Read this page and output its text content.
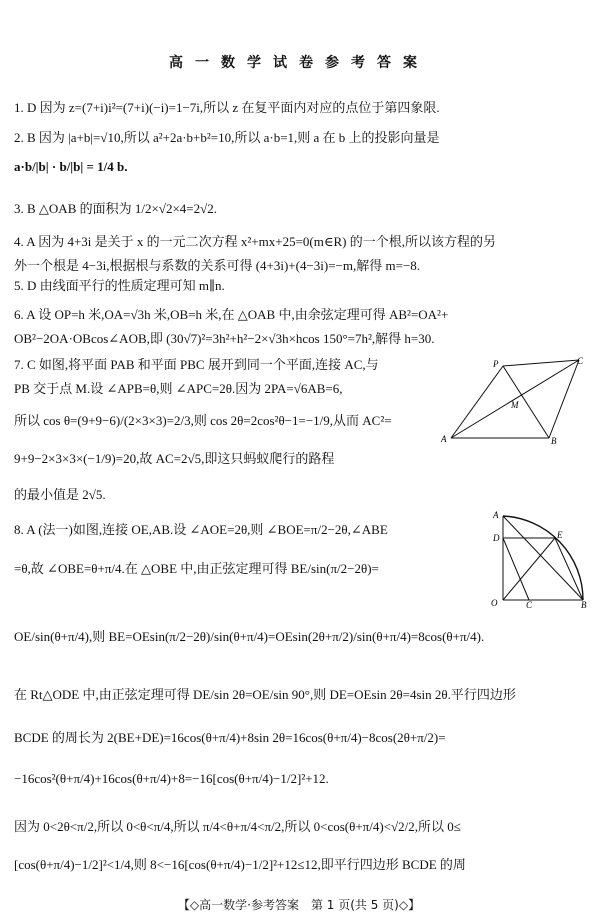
高一数学试卷参考答案
1. D 因为 z=(7+i)i²=(7+i)(−i)=1−7i,所以 z 在复平面内对应的点位于第四象限.
2. B 因为 |a+b|=√10,所以 a²+2a·b+b²=10,所以 a·b=1,则 a 在 b 上的投影向量是
a·b/|b| · b/|b| = 1/4 b.
3. B △OAB 的面积为 1/2×√2×4=2√2.
4. A 因为 4+3i 是关于 x 的一元二次方程 x²+mx+25=0(m∈R) 的一个根,所以该方程的另
外一个根是 4−3i,根据根与系数的关系可得 (4+3i)+(4−3i)=−m,解得 m=−8.
5. D 由线面平行的性质定理可知 m∥n.
6. A 设 OP=h 米,OA=√3h 米,OB=h 米,在 △OAB 中,由余弦定理可得 AB²=OA²+
OB²−2OA·OBcos∠AOB,即 (30√7)²=3h²+h²−2×√3h×hcos 150°=7h²,解得 h=30.
7. C 如图,将平面 PAB 和平面 PBC 展开到同一个平面,连接 AC,与
PB 交于点 M.设 ∠APB=θ,则 ∠APC=2θ.因为 2PA=√6AB=6,
所以 cos θ=(9+9−6)/(2×3×3)=2/3,则 cos 2θ=2cos²θ−1=−1/9,从而 AC²=
9+9−2×3×3×(−1/9)=20,故 AC=2√5,即这只蚂蚁爬行的路程
的最小值是 2√5.
P	C
M
A	B
8. A (法一)如图,连接 OE,AB.设 ∠AOE=2θ,则 ∠BOE=π/2−2θ,∠ABE
=θ,故 ∠OBE=θ+π/4.在 △OBE 中,由正弦定理可得 BE/sin(π/2−2θ)=
A
E
D
O	C	B
OE/sin(θ+π/4),则 BE=OEsin(π/2−2θ)/sin(θ+π/4)=OEsin(2θ+π/2)/sin(θ+π/4)=8cos(θ+π/4).
在 Rt△ODE 中,由正弦定理可得 DE/sin 2θ=OE/sin 90°,则 DE=OEsin 2θ=4sin 2θ.平行四边形
BCDE 的周长为 2(BE+DE)=16cos(θ+π/4)+8sin 2θ=16cos(θ+π/4)−8cos(2θ+π/2)=
−16cos²(θ+π/4)+16cos(θ+π/4)+8=−16[cos(θ+π/4)−1/2]²+12.
因为 0<2θ<π/2,所以 0<θ<π/4,所以 π/4<θ+π/4<π/2,所以 0<cos(θ+π/4)<√2/2,所以 0≤
[cos(θ+π/4)−1/2]²<1/4,则 8<−16[cos(θ+π/4)−1/2]²+12≤12,即平行四边形 BCDE 的周
【◇高一数学·参考答案　第 1 页(共 5 页)◇】
